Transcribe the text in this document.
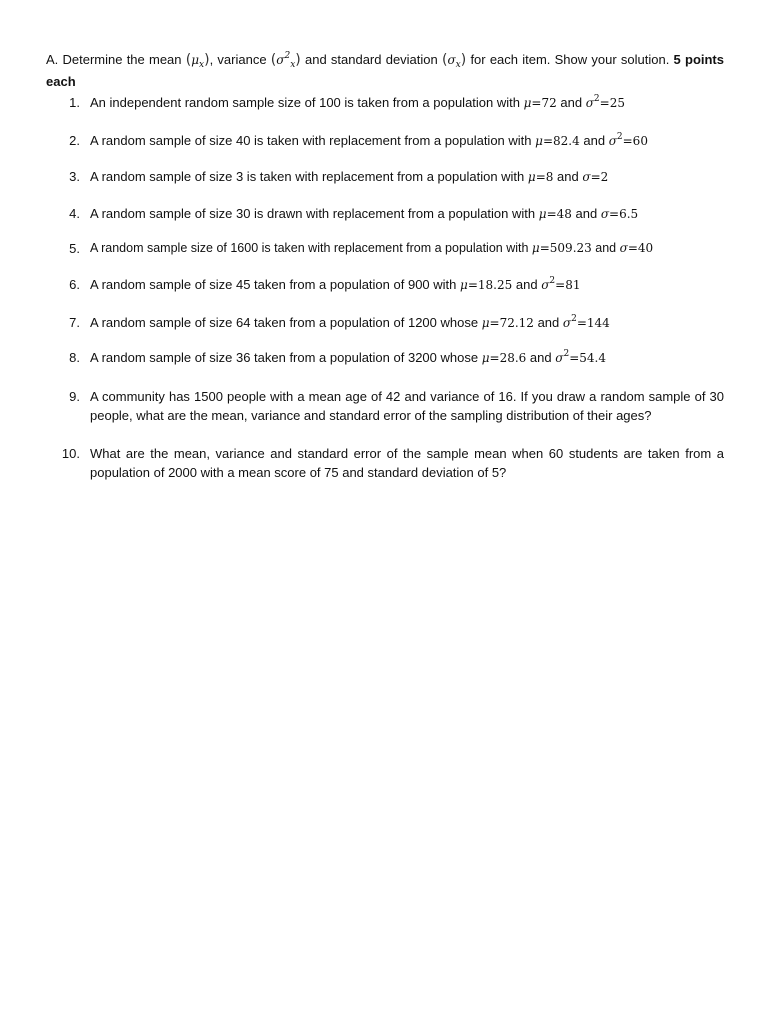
A. Determine the mean $(\mu_x)$, variance $(\sigma^2_x)$ and standard deviation $(\sigma_x)$ for each item. Show your solution. 5 points each
1. An independent random sample size of 100 is taken from a population with μ=72 and $\sigma^2=25$
2. A random sample of size 40 is taken with replacement from a population with μ=82.4 and $\sigma^2=60$
3. A random sample of size 3 is taken with replacement from a population with μ=8 and σ=2
4. A random sample of size 30 is drawn with replacement from a population with μ=48 and σ=6.5
5. A random sample size of 1600 is taken with replacement from a population with μ=509.23 and σ=40
6. A random sample of size 45 taken from a population of 900 with μ=18.25 and $\sigma^2=81$
7. A random sample of size 64 taken from a population of 1200 whose μ=72.12 and $\sigma^2=144$
8. A random sample of size 36 taken from a population of 3200 whose μ=28.6 and $\sigma^2=54.4$
9. A community has 1500 people with a mean age of 42 and variance of 16. If you draw a random sample of 30 people, what are the mean, variance and standard error of the sampling distribution of their ages?
10. What are the mean, variance and standard error of the sample mean when 60 students are taken from a population of 2000 with a mean score of 75 and standard deviation of 5?
